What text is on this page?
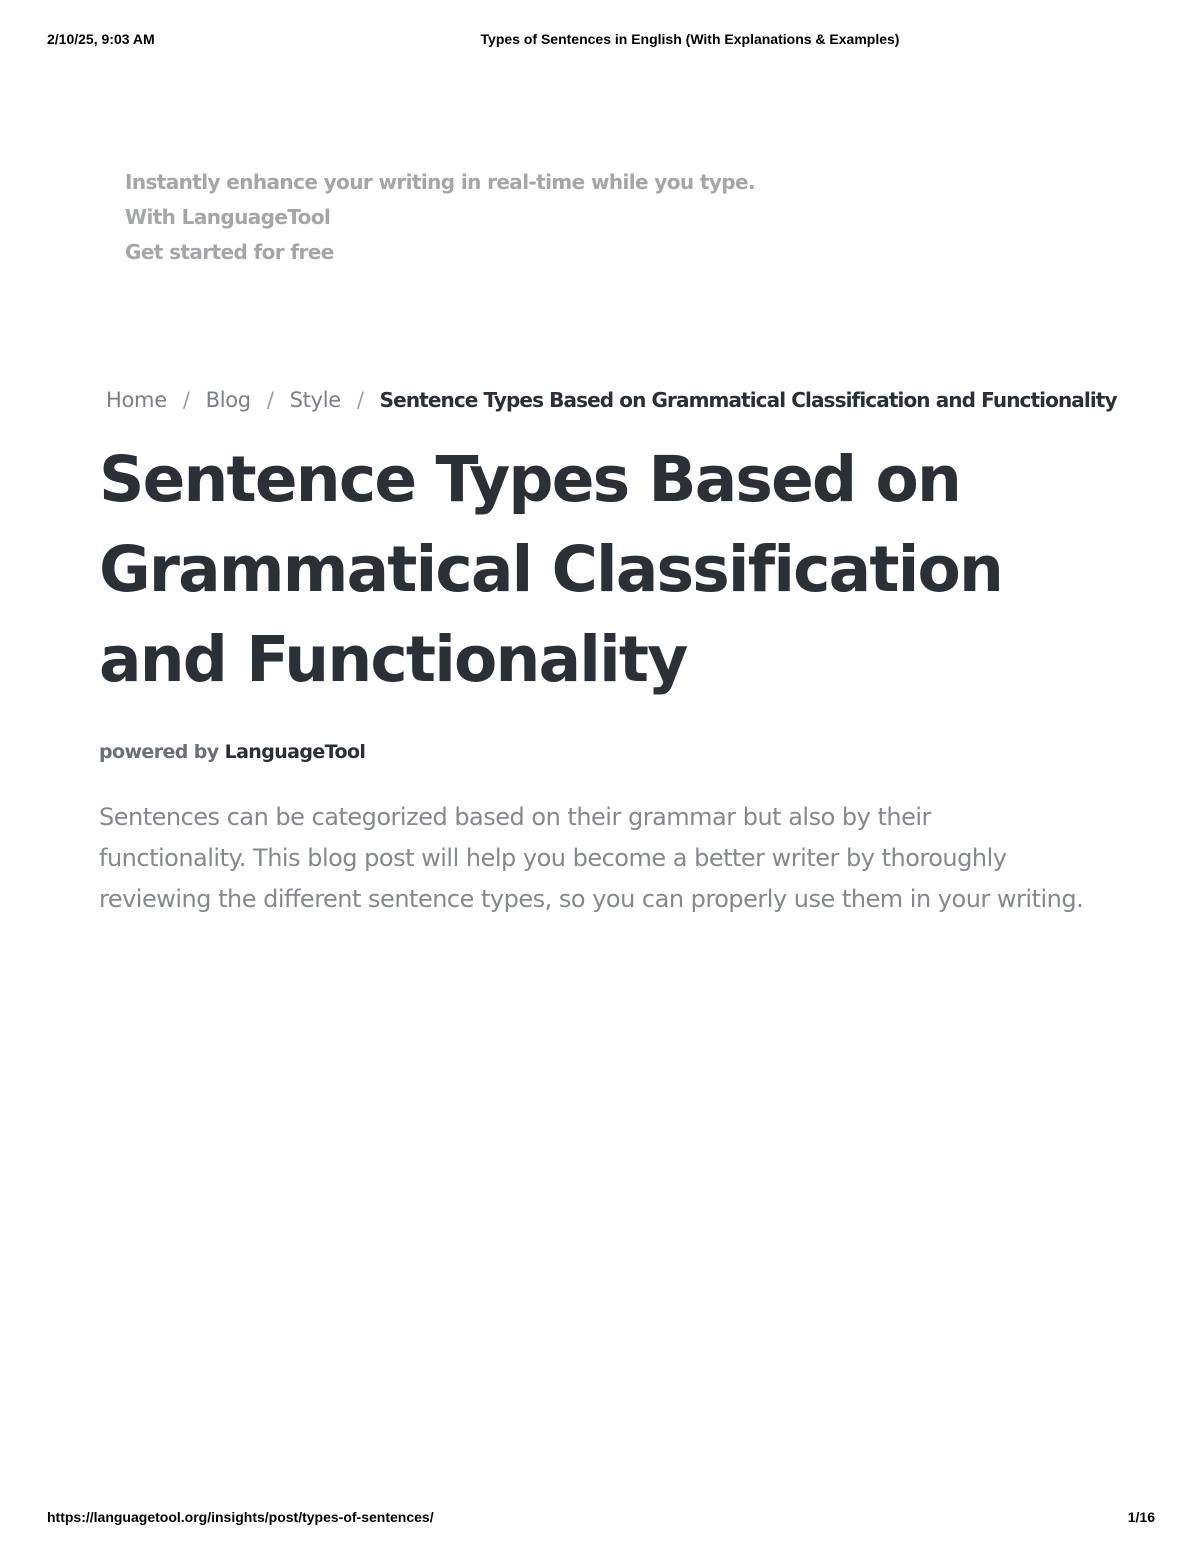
2/10/25, 9:03 AM	Types of Sentences in English (With Explanations & Examples)
Instantly enhance your writing in real-time while you type.
With LanguageTool
Get started for free
Home / Blog / Style / Sentence Types Based on Grammatical Classification and Functionality
Sentence Types Based on Grammatical Classification and Functionality
powered by LanguageTool

Sentences can be categorized based on their grammar but also by their functionality. This blog post will help you become a better writer by thoroughly reviewing the different sentence types, so you can properly use them in your writing.

https://languagetool.org/insights/post/types-of-sentences/	1/16
